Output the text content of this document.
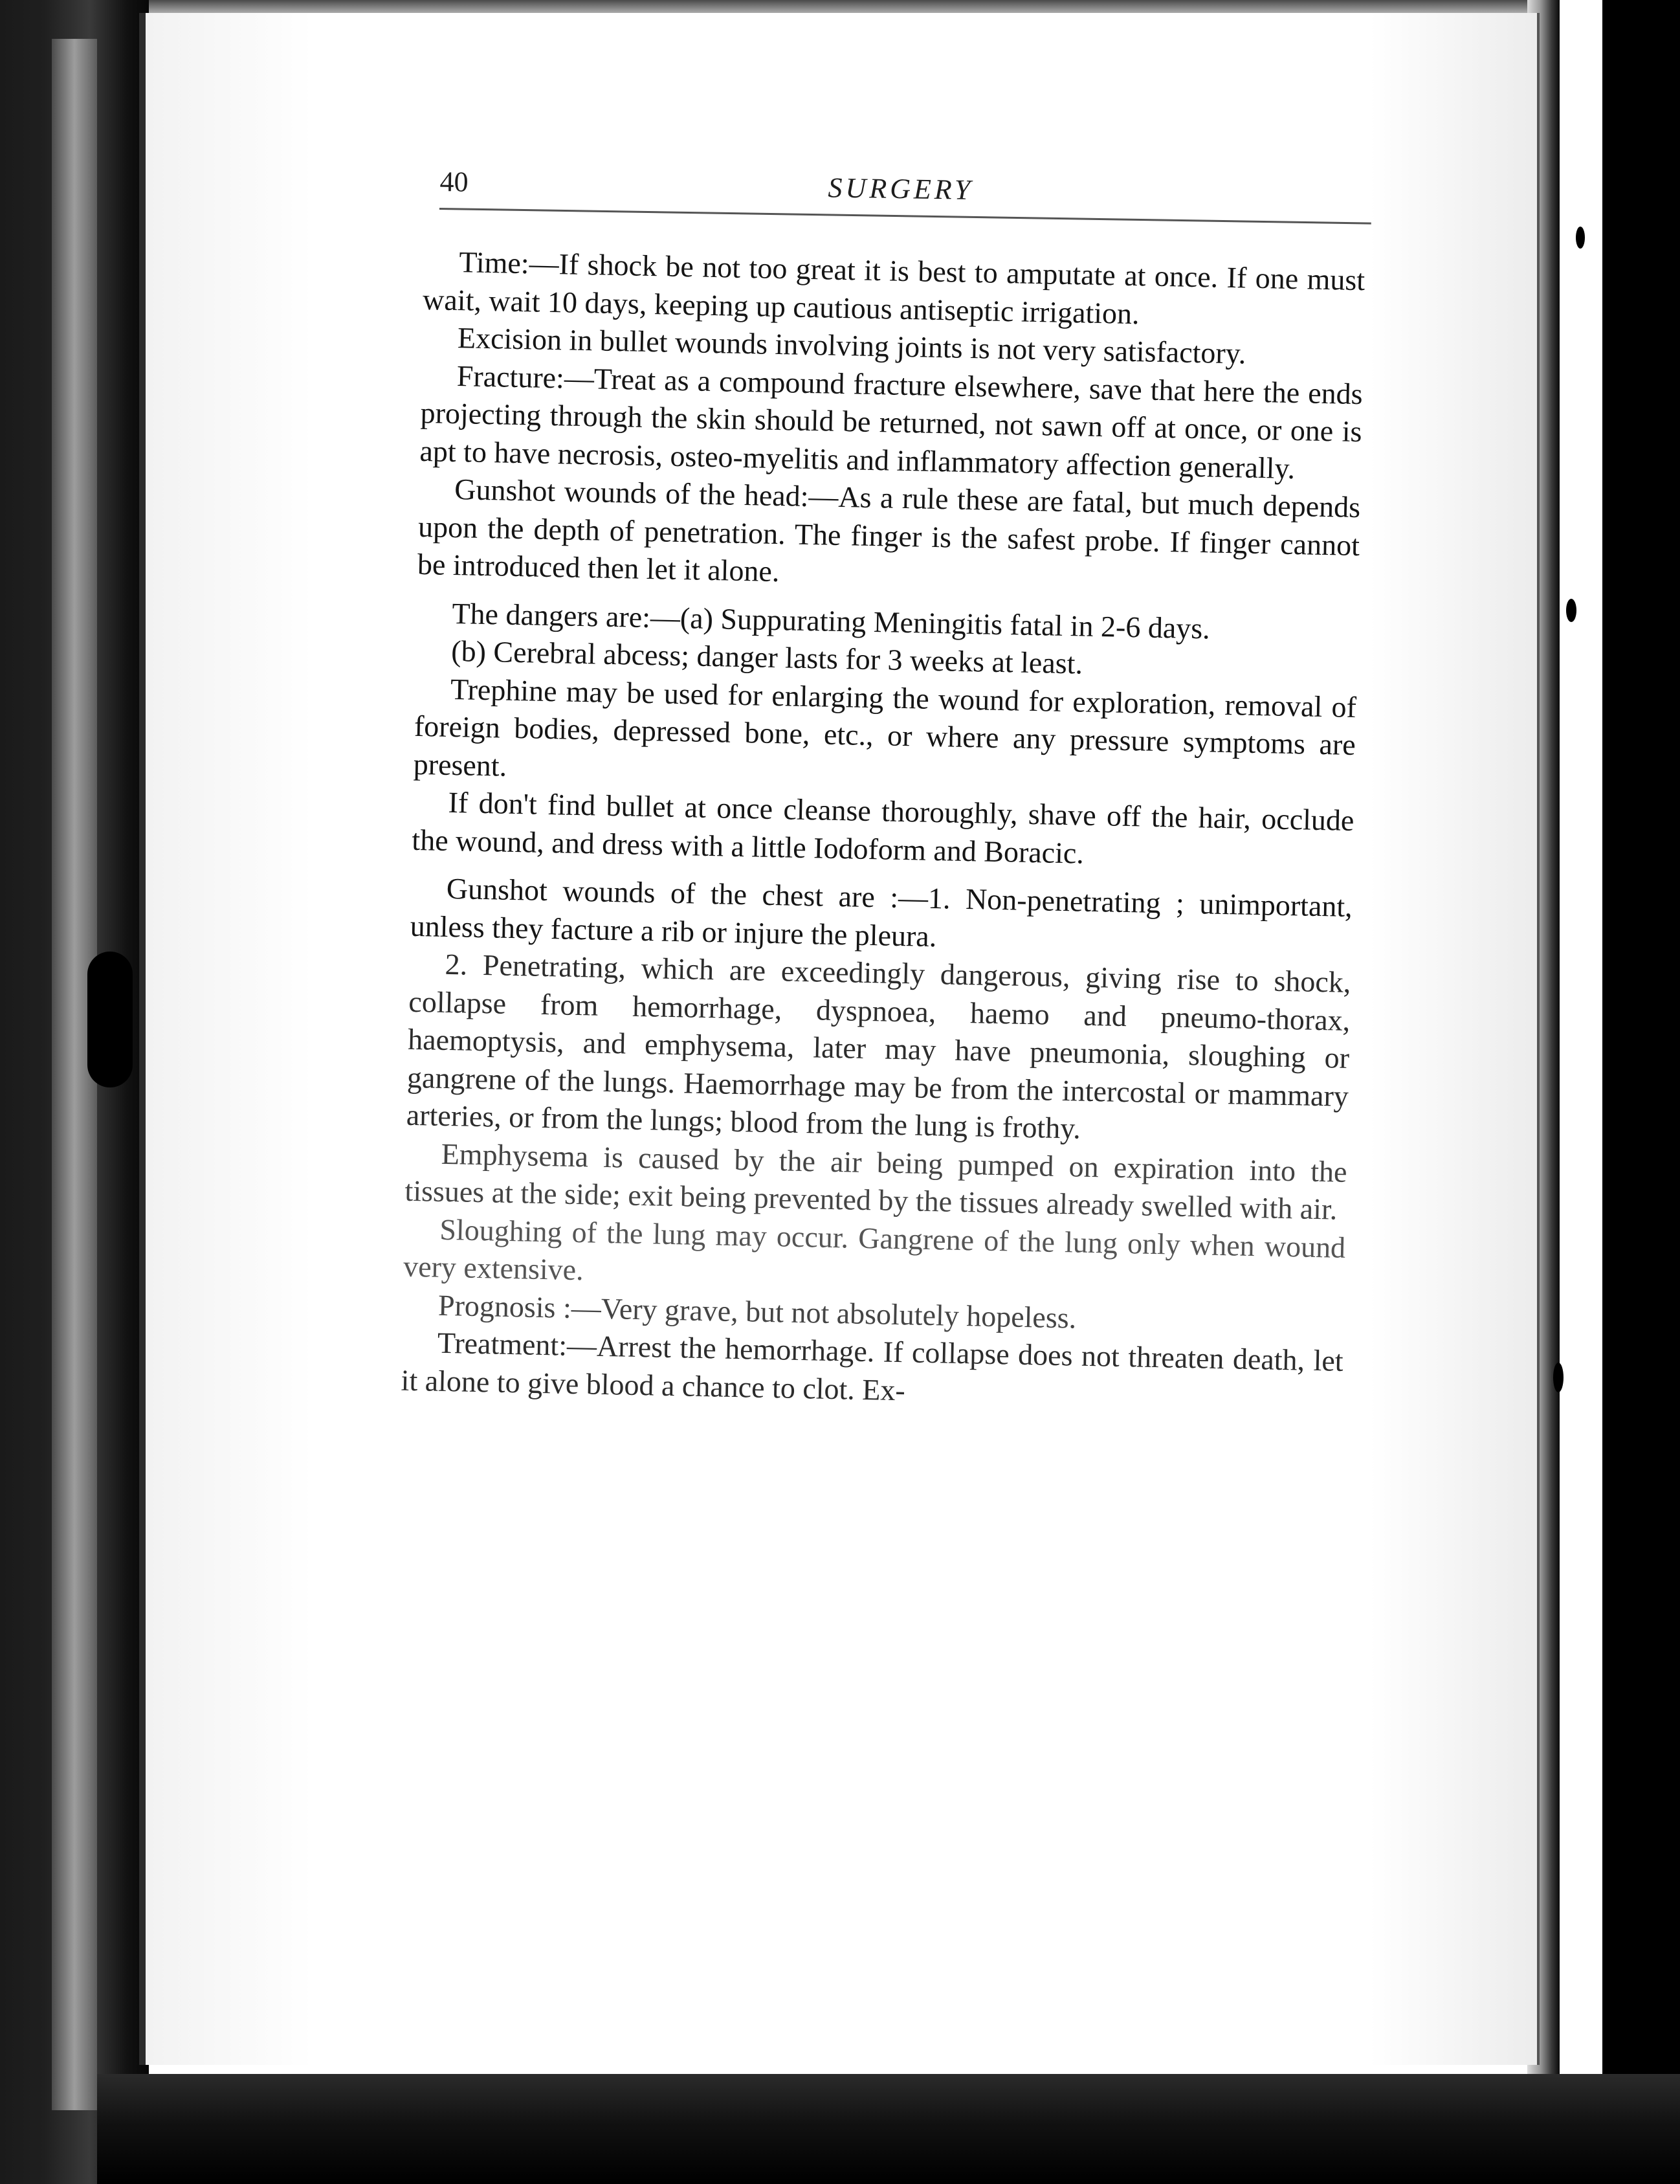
40	SURGERY

Time:—If shock be not too great it is best to amputate at once. If one must wait, wait 10 days, keeping up cautious antiseptic irrigation.

Excision in bullet wounds involving joints is not very satisfactory.

Fracture:—Treat as a compound fracture elsewhere, save that here the ends projecting through the skin should be returned, not sawn off at once, or one is apt to have necrosis, osteo-myelitis and inflammatory affection generally.

Gunshot wounds of the head:—As a rule these are fatal, but much depends upon the depth of penetration. The finger is the safest probe. If finger cannot be introduced then let it alone.

The dangers are:—(a) Suppurating Meningitis fatal in 2-6 days.

(b) Cerebral abcess; danger lasts for 3 weeks at least.

Trephine may be used for enlarging the wound for exploration, removal of foreign bodies, depressed bone, etc., or where any pressure symptoms are present.

If don't find bullet at once cleanse thoroughly, shave off the hair, occlude the wound, and dress with a little Iodoform and Boracic.

Gunshot wounds of the chest are :—1. Non-penetrating ; unimportant, unless they facture a rib or injure the pleura.

2. Penetrating, which are exceedingly dangerous, giving rise to shock, collapse from hemorrhage, dyspnoea, haemo and pneumo-thorax, haemoptysis, and emphysema, later may have pneumonia, sloughing or gangrene of the lungs. Haemorrhage may be from the intercostal or mammary arteries, or from the lungs; blood from the lung is frothy.

Emphysema is caused by the air being pumped on expiration into the tissues at the side; exit being prevented by the tissues already swelled with air.

Sloughing of the lung may occur. Gangrene of the lung only when wound very extensive.

Prognosis :—Very grave, but not absolutely hopeless.

Treatment:—Arrest the hemorrhage. If collapse does not threaten death, let it alone to give blood a chance to clot. Ex-
